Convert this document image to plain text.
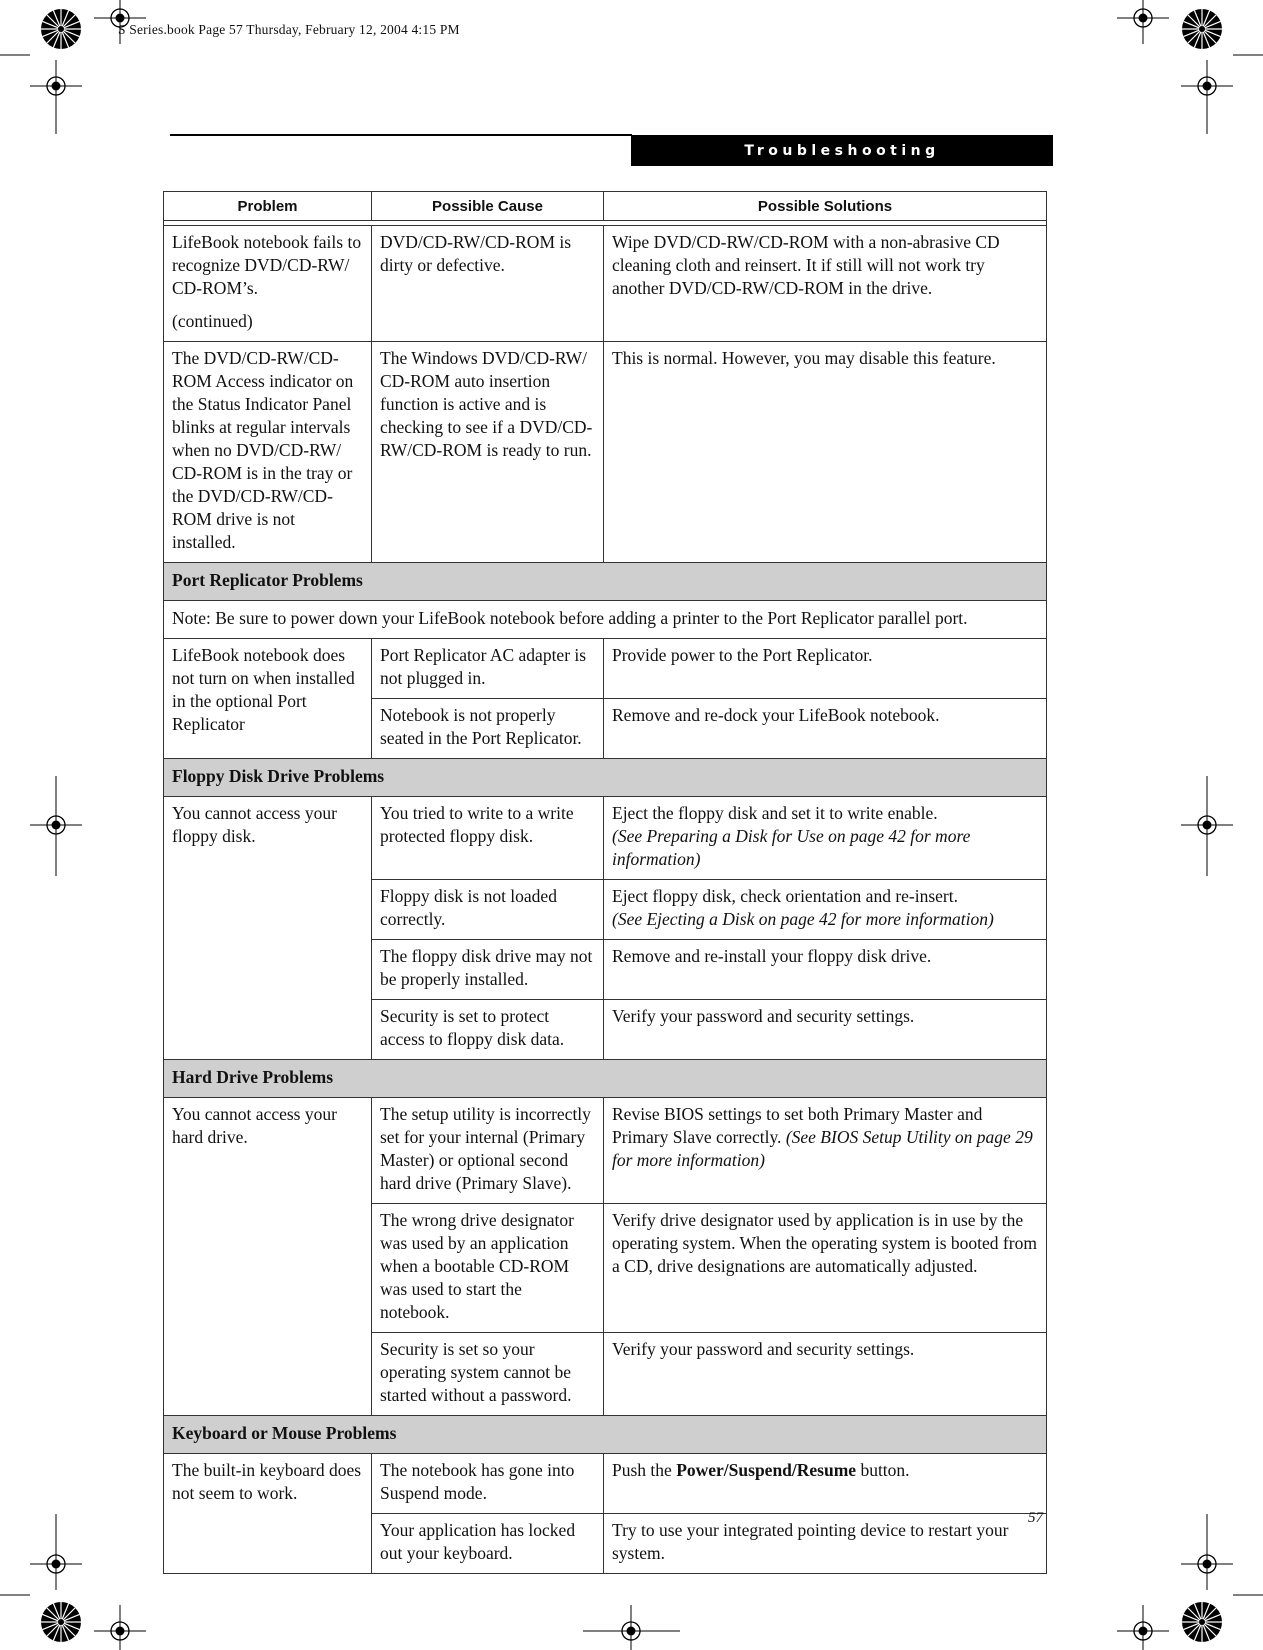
S Series.book Page 57 Thursday, February 12, 2004 4:15 PM
Troubleshooting
Problem	Possible Cause	Possible Solutions

LifeBook notebook fails to recognize DVD/CD-RW/ CD-ROM’s.

(continued)	DVD/CD-RW/CD-ROM is dirty or defective.	Wipe DVD/CD-RW/CD-ROM with a non-abrasive CD cleaning cloth and reinsert. It if still will not work try another DVD/CD-RW/CD-ROM in the drive.
The DVD/CD-RW/CD-ROM Access indicator on the Status Indicator Panel blinks at regular intervals when no DVD/CD-RW/ CD-ROM is in the tray or the DVD/CD-RW/CD-ROM drive is not installed.	The Windows DVD/CD-RW/ CD-ROM auto insertion function is active and is checking to see if a DVD/CD-RW/CD-ROM is ready to run.	This is normal. However, you may disable this feature.
Port Replicator Problems		
Note: Be sure to power down your LifeBook notebook before adding a printer to the Port Replicator parallel port.		
LifeBook notebook does not turn on when installed in the optional Port Replicator	Port Replicator AC adapter is not plugged in.	Provide power to the Port Replicator.
	Notebook is not properly seated in the Port Replicator.	Remove and re-dock your LifeBook notebook.
Floppy Disk Drive Problems		
You cannot access your floppy disk.	You tried to write to a write protected floppy disk.	Eject the floppy disk and set it to write enable.
(See Preparing a Disk for Use on page 42 for more information)
	Floppy disk is not loaded correctly.	Eject floppy disk, check orientation and re-insert.
(See Ejecting a Disk on page 42 for more information)
	The floppy disk drive may not be properly installed.	Remove and re-install your floppy disk drive.
	Security is set to protect access to floppy disk data.	Verify your password and security settings.
Hard Drive Problems		
You cannot access your hard drive.	The setup utility is incorrectly set for your internal (Primary Master) or optional second hard drive (Primary Slave).	Revise BIOS settings to set both Primary Master and Primary Slave correctly. (See BIOS Setup Utility on page 29 for more information)
	The wrong drive designator was used by an application when a bootable CD-ROM was used to start the notebook.	Verify drive designator used by application is in use by the operating system. When the operating system is booted from a CD, drive designations are automatically adjusted.
	Security is set so your operating system cannot be started without a password.	Verify your password and security settings.
Keyboard or Mouse Problems		
The built-in keyboard does not seem to work.	The notebook has gone into Suspend mode.	Push the Power/Suspend/Resume button.
	Your application has locked out your keyboard.	Try to use your integrated pointing device to restart your system.
57
